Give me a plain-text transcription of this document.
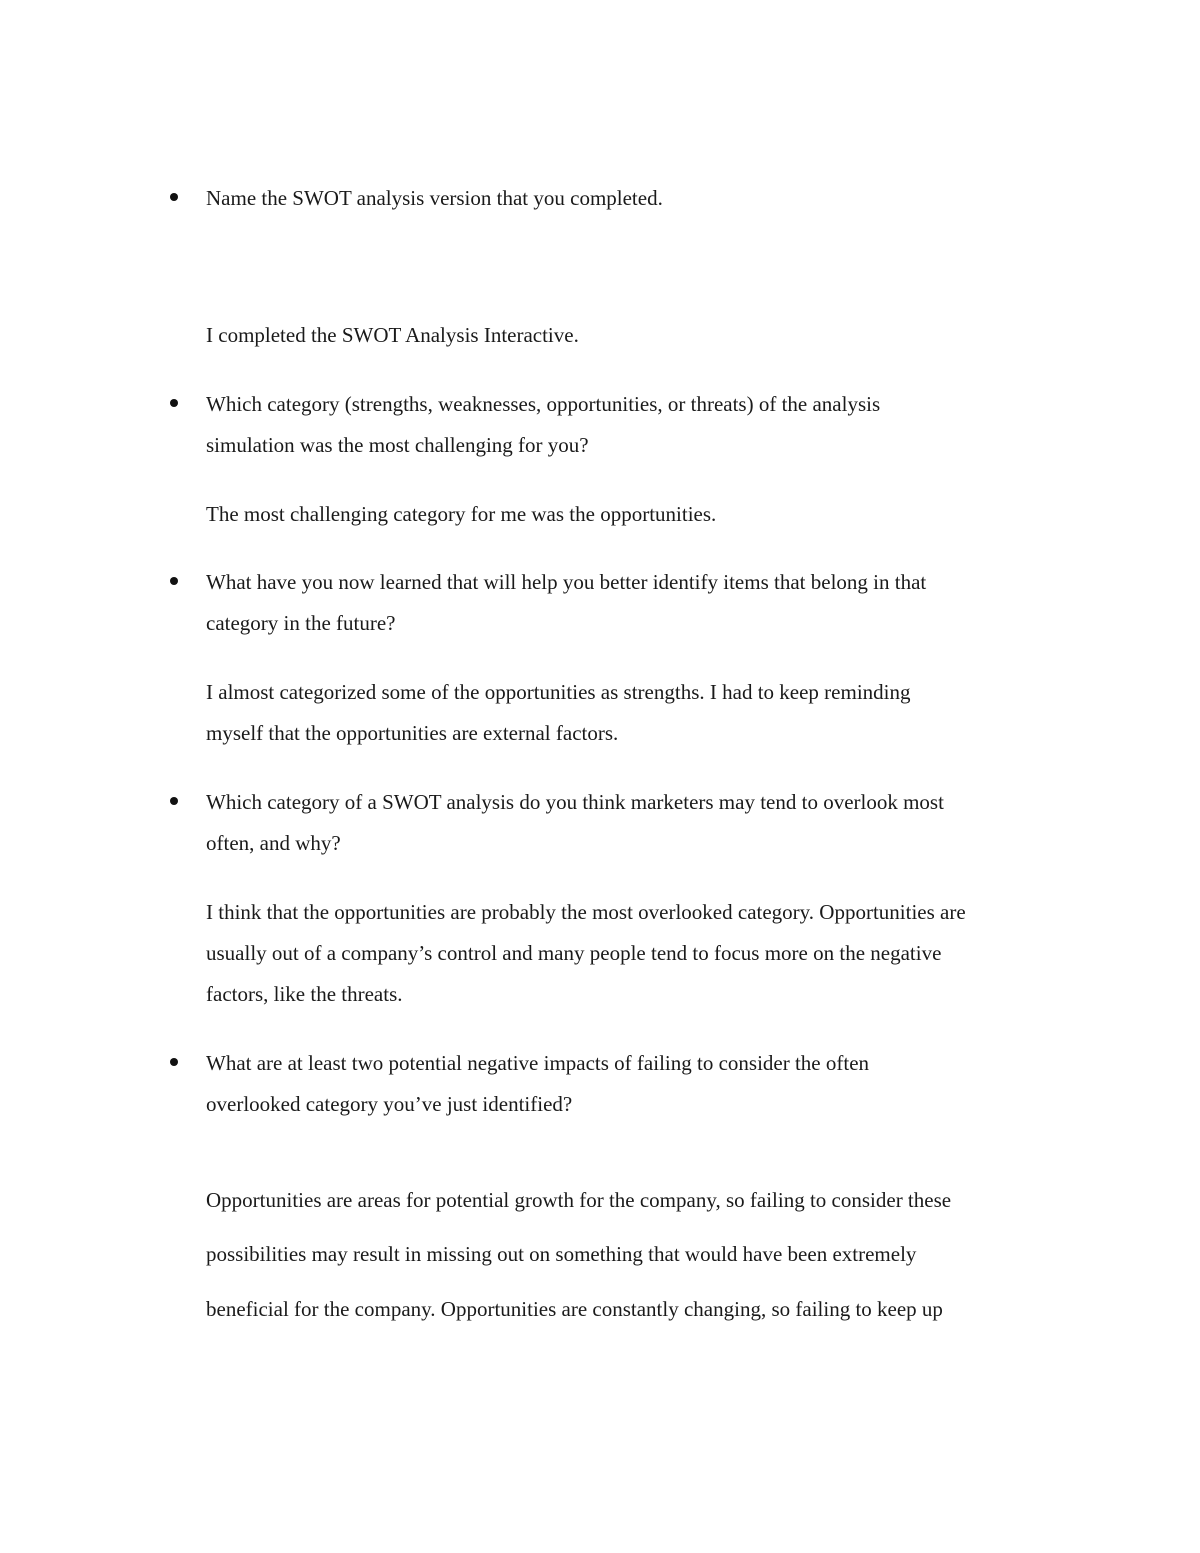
Name the SWOT analysis version that you completed.

I completed the SWOT Analysis Interactive.

Which category (strengths, weaknesses, opportunities, or threats) of the analysis

simulation was the most challenging for you?

The most challenging category for me was the opportunities.

What have you now learned that will help you better identify items that belong in that

category in the future?

I almost categorized some of the opportunities as strengths. I had to keep reminding

myself that the opportunities are external factors.

Which category of a SWOT analysis do you think marketers may tend to overlook most

often, and why?

I think that the opportunities are probably the most overlooked category. Opportunities are

usually out of a company’s control and many people tend to focus more on the negative

factors, like the threats.

What are at least two potential negative impacts of failing to consider the often

overlooked category you’ve just identified?

Opportunities are areas for potential growth for the company, so failing to consider these

possibilities may result in missing out on something that would have been extremely

beneficial for the company. Opportunities are constantly changing, so failing to keep up
